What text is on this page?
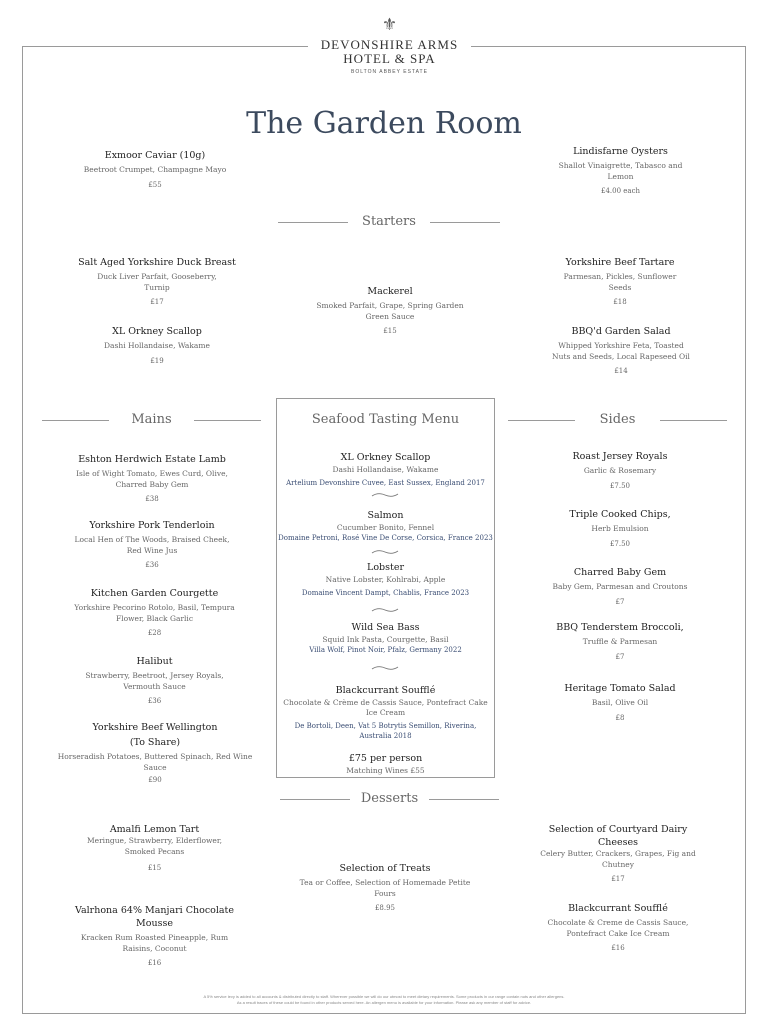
⚜
DEVONSHIRE ARMS
HOTEL & SPA
BOLTON ABBEY ESTATE
The Garden Room
Exmoor Caviar (10g)
Beetroot Crumpet, Champagne Mayo
£55
Lindisfarne Oysters
Shallot Vinaigrette, Tabasco and Lemon
£4.00 each
Starters
Salt Aged Yorkshire Duck Breast
Duck Liver Parfait, Gooseberry, Turnip
£17
XL Orkney Scallop
Dashi Hollandaise, Wakame
£19
Mackerel
Smoked Parfait, Grape, Spring Garden Green Sauce
£15
Yorkshire Beef Tartare
Parmesan, Pickles, Sunflower Seeds
£18
BBQ'd Garden Salad
Whipped Yorkshire Feta, Toasted Nuts and Seeds, Local Rapeseed Oil
£14
Mains	Sides
Eshton Herdwich Estate Lamb
Isle of Wight Tomato, Ewes Curd, Olive, Charred Baby Gem
£38
Yorkshire Pork Tenderloin
Local Hen of The Woods, Braised Cheek, Red Wine Jus
£36
Kitchen Garden Courgette
Yorkshire Pecorino Rotolo, Basil, Tempura Flower, Black Garlic
£28
Halibut
Strawberry, Beetroot, Jersey Royals, Vermouth Sauce
£36
Yorkshire Beef Wellington
(To Share)
Horseradish Potatoes, Buttered Spinach, Red Wine Sauce
£90
Seafood Tasting Menu
XL Orkney Scallop
Dashi Hollandaise, Wakame
Artelium Devonshire Cuvee, East Sussex, England 2017
Salmon
Cucumber Bonito, Fennel
Domaine Petroni, Rosé Vine De Corse, Corsica, France 2023
Lobster
Native Lobster, Kohlrabi, Apple
Domaine Vincent Dampt, Chablis, France 2023
Wild Sea Bass
Squid Ink Pasta, Courgette, Basil
Villa Wolf, Pinot Noir, Pfalz, Germany 2022
Blackcurrant Soufflé
Chocolate & Crème de Cassis Sauce, Pontefract Cake Ice Cream
De Bortoli, Deen, Vat 5 Botrytis Semillon, Riverina, Australia 2018
£75 per person
Matching Wines £55
Roast Jersey Royals
Garlic & Rosemary
£7.50
Triple Cooked Chips,
Herb Emulsion
£7.50
Charred Baby Gem
Baby Gem, Parmesan and Croutons
£7
BBQ Tenderstem Broccoli,
Truffle & Parmesan
£7
Heritage Tomato Salad
Basil, Olive Oil
£8
Desserts
Amalfi Lemon Tart
Meringue, Strawberry, Elderflower, Smoked Pecans
£15
Valrhona 64% Manjari Chocolate Mousse
Kracken Rum Roasted Pineapple, Rum Raisins, Coconut
£16
Selection of Treats
Tea or Coffee, Selection of Homemade Petite Fours
£8.95
Selection of Courtyard Dairy Cheeses
Celery Butter, Crackers, Grapes, Fig and Chutney
£17
Blackcurrant Soufflé
Chocolate & Creme de Cassis Sauce, Pontefract Cake Ice Cream
£16
A 5% service levy is added to all accounts & distributed directly to staff. Wherever possible we will do our utmost to meet dietary requirements. Some products in our range contain nuts and other allergens.
As a result traces of these could be found in other products served here. An allergen menu is available for your information. Please ask any member of staff for advice.
